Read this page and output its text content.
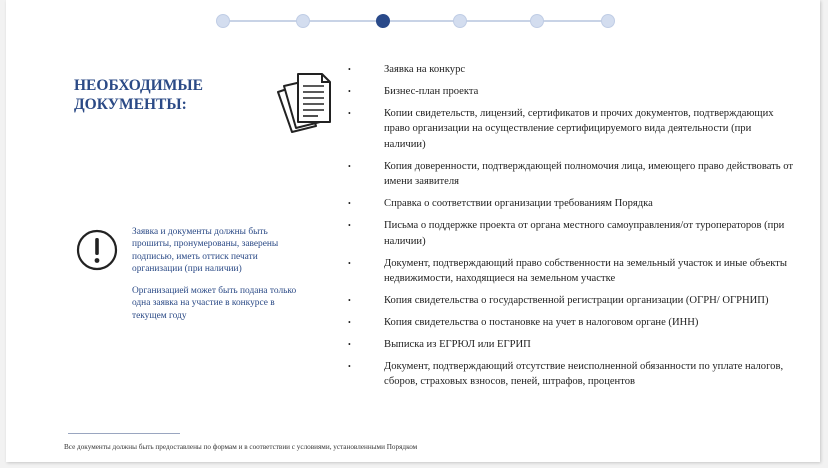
НЕОБХОДИМЫЕ ДОКУМЕНТЫ:

Заявка и документы должны быть прошиты, пронумерованы, заверены подписью, иметь оттиск печати организации (при наличии)

Организацией может быть подана только одна заявка на участие в конкурсе в текущем году

•	Заявка на конкурс
•	Бизнес-план проекта
•	Копии свидетельств, лицензий, сертификатов и прочих документов, подтверждающих право организации на осуществление сертифицируемого вида деятельности (при наличии)
•	Копия доверенности, подтверждающей полномочия лица, имеющего право действовать от имени заявителя
•	Справка о соответствии организации требованиям Порядка
•	Письма о поддержке проекта от органа местного самоуправления/от туроператоров (при наличии)
•	Документ, подтверждающий право собственности на земельный участок и иные объекты недвижимости, находящиеся на земельном участке
•	Копия свидетельства о государственной регистрации организации (ОГРН/ ОГРНИП)
•	Копия свидетельства о постановке на учет в налоговом органе (ИНН)
•	Выписка из ЕГРЮЛ или ЕГРИП
•	Документ, подтверждающий отсутствие неисполненной обязанности по уплате налогов, сборов, страховых взносов, пеней, штрафов, процентов
Все документы должны быть предоставлены по формам и в соответствии с условиями, установленными Порядком
